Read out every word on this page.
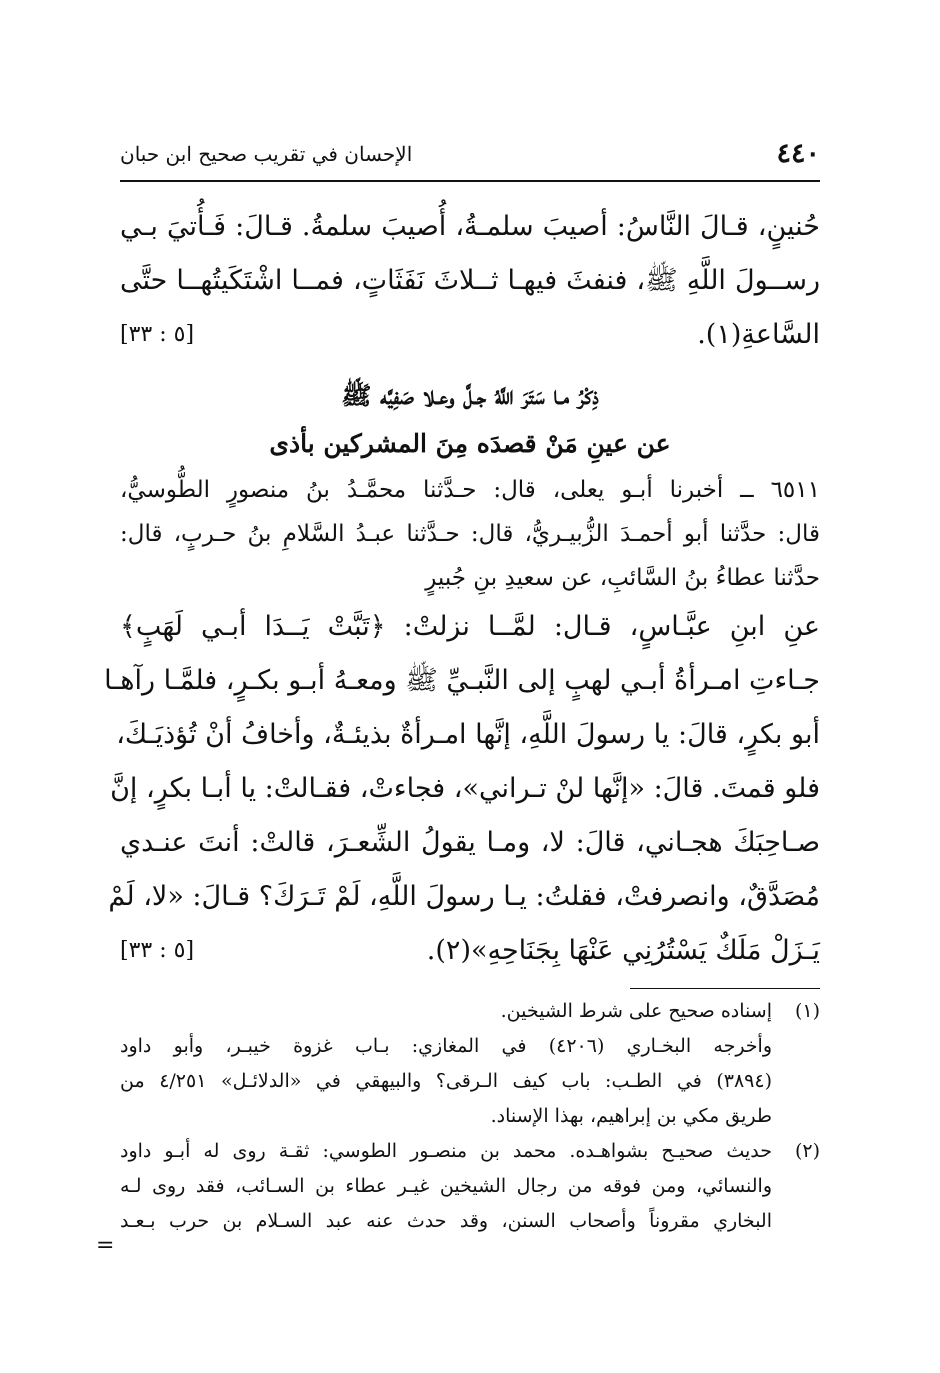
٤٤٠
الإحسان في تقريب صحيح ابن حبان
حُنينٍ، قـالَ النَّاسُ: أصيبَ سلمـةُ، أُصيبَ سلمةُ. قـالَ: فَـأُتيَ بـي
رســولَ اللَّهِ ﷺ، فنفثَ فيهـا ثــلاثَ نَفَثَاتٍ، فمــا اشْتَكَيتُهــا حتَّى
السَّاعةِ(١).
[٥ : ٣٣]
ذِكْرُ مـا سَتَرَ اللَّهُ جـلَّ وعـلا صَفِيَّه ﷺ
عن عينِ مَنْ قصدَه مِنَ المشركين بأذى
٦٥١١ ــ أخبرنا أبـو يعلى، قال: حـدَّثنا محمَّـدُ بنُ منصورٍ الطُّوسيُّ،
قال: حدَّثنا أبو أحمـدَ الزُّبيـريُّ، قال: حـدَّثنا عبـدُ السَّلامِ بنُ حـربٍ، قال:
حدَّثنا عطاءُ بنُ السَّائبِ، عن سعيدِ بنِ جُبيرٍ
عنِ ابنِ عبَّـاسٍ، قـال: لمَّــا نزلتْ: ﴿تَبَّتْ يَــدَا أبـي لَهَبٍ﴾
جـاءتِ امـرأةُ أبـي لهبٍ إلى النَّبـيِّ ﷺ ومعـهُ أبـو بكـرٍ، فلمَّـا رآهـا
أبو بكرٍ، قالَ: يا رسولَ اللَّهِ، إنَّها امـرأةٌ بذيئـةٌ، وأخافُ أنْ تُؤذيَـكَ،
فلو قمتَ. قالَ: «إنَّها لنْ تـراني»، فجاءتْ، فقـالتْ: يا أبـا بكرٍ، إنَّ
صـاحِبَكَ هجـاني، قالَ: لا، ومـا يقولُ الشِّعـرَ، قالتْ: أنتَ عنـدي
مُصَدَّقٌ، وانصرفتْ، فقلتُ: يـا رسولَ اللَّهِ، لَمْ تَـرَكَ؟ قـالَ: «لا، لَمْ
يَـزَلْ مَلَكٌ يَسْتُرُنِي عَنْهَا بِجَنَاحِهِ»(٢).
[٥ : ٣٣]
(١)
إسناده صحيح على شرط الشيخين.
وأخرجه البخـاري (٤٢٠٦) في المغازي: بـاب غزوة خيبـر، وأبو داود
(٣٨٩٤) في الطـب: باب كيف الـرقى؟ والبيهقي في «الدلائـل» ٤/٢٥١ من
طريق مكي بن إبراهيم، بهذا الإسناد.
(٢)
حديث صحيـح بشواهـده. محمد بن منصـور الطوسي: ثقـة روى له أبـو داود
والنسائي، ومن فوقه من رجال الشيخين غيـر عطاء بن السـائب، فقد روى لـه
البخاري مقروناً وأصحاب السنن، وقد حدث عنه عبد السـلام بن حرب بـعـد
=
